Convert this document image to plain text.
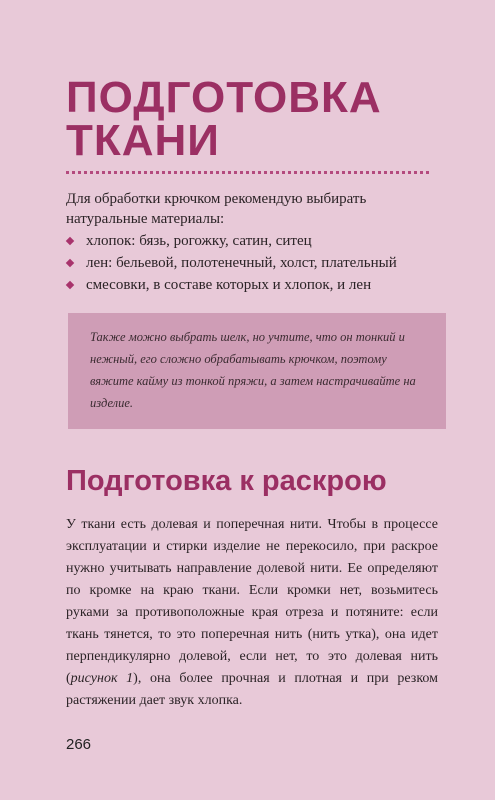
ПОДГОТОВКА ТКАНИ

Для обработки крючком рекомендую выбирать натуральные материалы:

хлопок: бязь, рогожку, сатин, ситец
лен: бельевой, полотенечный, холст, плательный
смесовки, в составе которых и хлопок, и лен

Также можно выбрать шелк, но учтите, что он тонкий и нежный, его сложно обрабатывать крючком, поэтому вяжите кайму из тонкой пряжи, а затем настрачивайте на изделие.

Подготовка к раскрою

У ткани есть долевая и поперечная нити. Чтобы в процессе эксплуатации и стирки изделие не перекосило, при раскрое нужно учитывать направление долевой нити. Ее определяют по кромке на краю ткани. Если кромки нет, возьмитесь руками за противоположные края отреза и потяните: если ткань тянется, то это поперечная нить (нить утка), она идет перпендикулярно долевой, если нет, то это долевая нить (рисунок 1), она более прочная и плотная и при резком растяжении дает звук хлопка.

266
